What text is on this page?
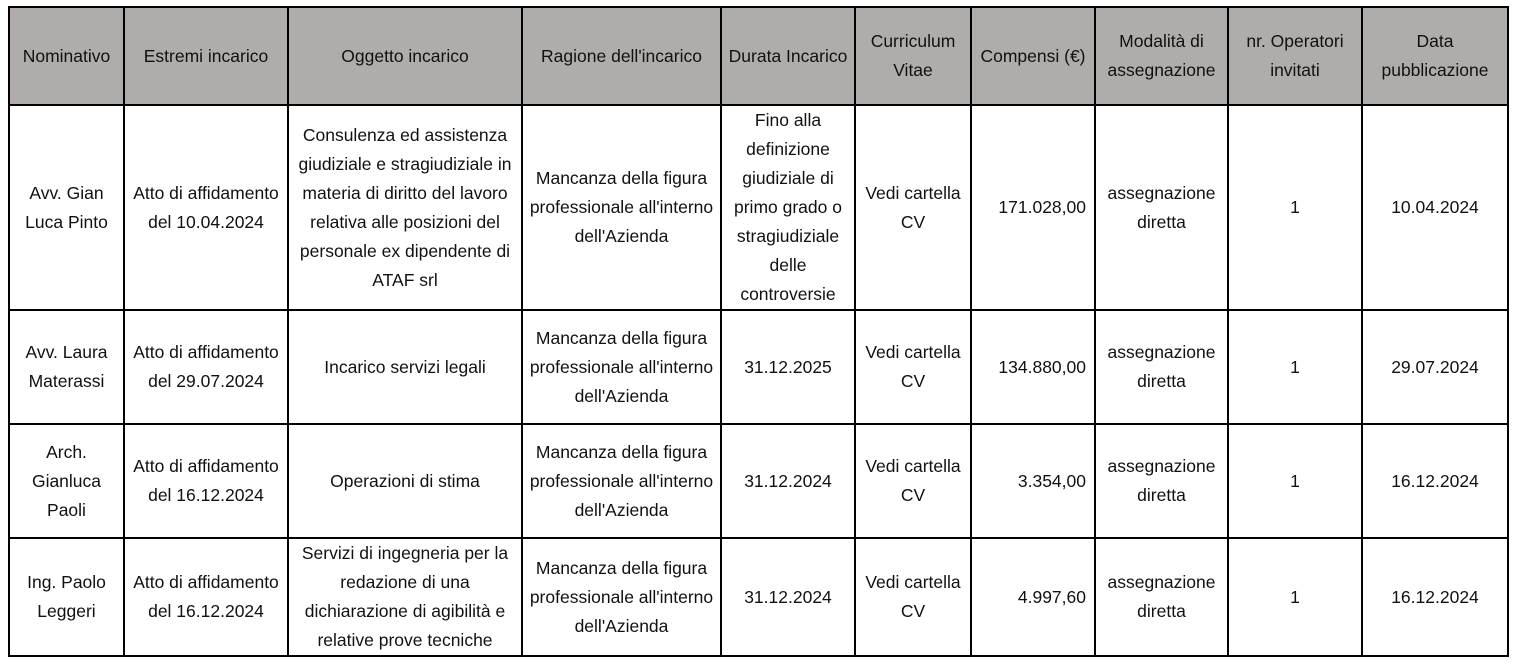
Nominativo	Estremi incarico	Oggetto incarico	Ragione dell'incarico	Durata Incarico	Curriculum Vitae	Compensi (€)	Modalità di assegnazione	nr. Operatori invitati	Data pubblicazione
Avv. Gian Luca Pinto	Atto di affidamento del 10.04.2024	Consulenza ed assistenza giudiziale e stragiudiziale in materia di diritto del lavoro relativa alle posizioni del personale ex dipendente di ATAF srl	Mancanza della figura professionale all'interno dell'Azienda	Fino alla definizione giudiziale di primo grado o stragiudiziale delle controversie	Vedi cartella CV	171.028,00	assegnazione diretta	1	10.04.2024
Avv. Laura Materassi	Atto di affidamento del 29.07.2024	Incarico servizi legali	Mancanza della figura professionale all'interno dell'Azienda	31.12.2025	Vedi cartella CV	134.880,00	assegnazione diretta	1	29.07.2024
Arch. Gianluca Paoli	Atto di affidamento del 16.12.2024	Operazioni di stima	Mancanza della figura professionale all'interno dell'Azienda	31.12.2024	Vedi cartella CV	3.354,00	assegnazione diretta	1	16.12.2024
Ing. Paolo Leggeri	Atto di affidamento del 16.12.2024	Servizi di ingegneria per la redazione di una dichiarazione di agibilità e relative prove tecniche	Mancanza della figura professionale all'interno dell'Azienda	31.12.2024	Vedi cartella CV	4.997,60	assegnazione diretta	1	16.12.2024
